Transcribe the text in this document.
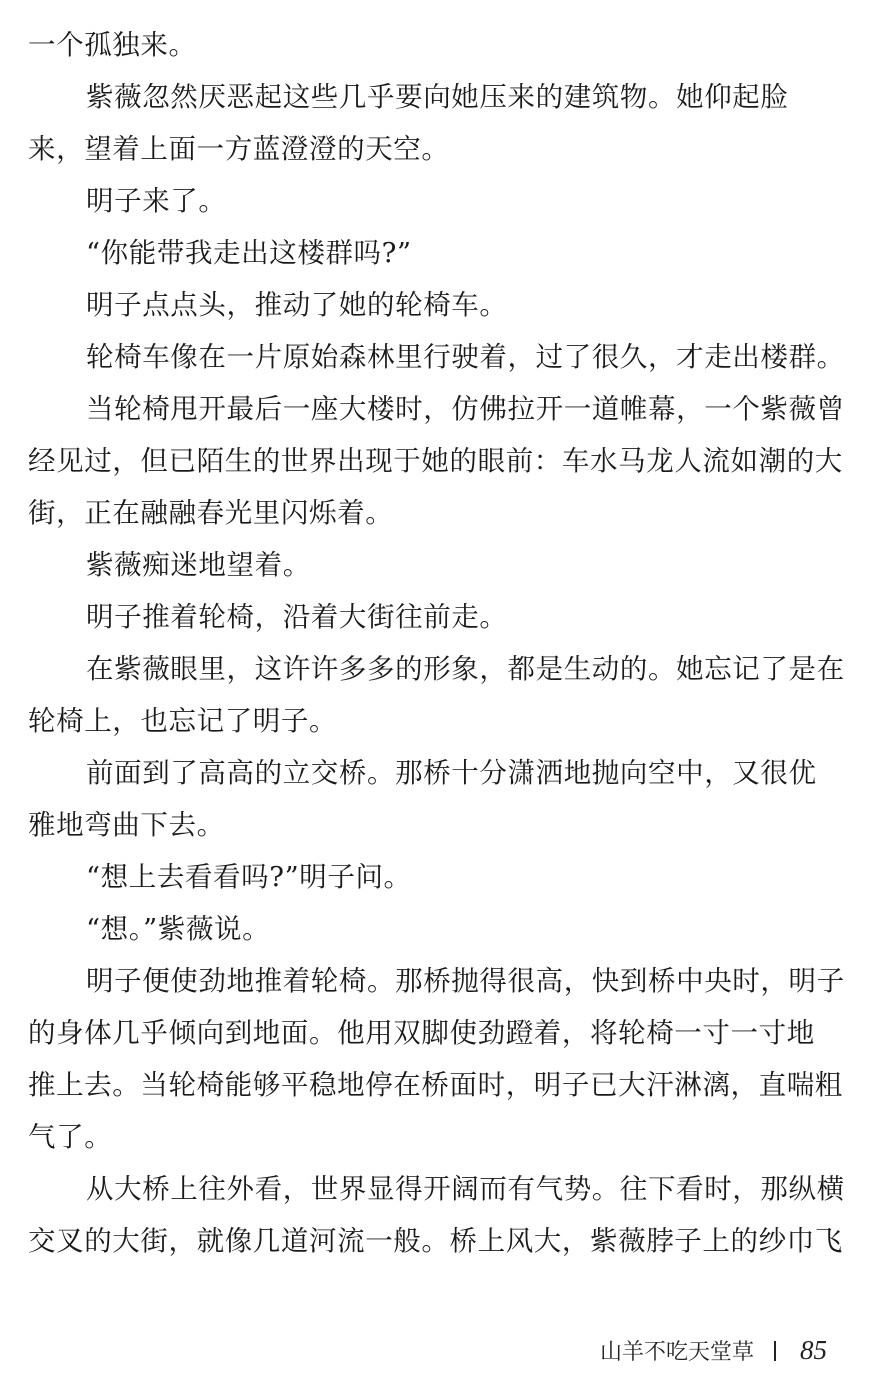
一个孤独来。
紫薇忽然厌恶起这些几乎要向她压来的建筑物。她仰起脸
来，望着上面一方蓝澄澄的天空。
明子来了。
“你能带我走出这楼群吗?”
明子点点头，推动了她的轮椅车。
轮椅车像在一片原始森林里行驶着，过了很久，才走出楼群。
当轮椅甩开最后一座大楼时，仿佛拉开一道帷幕，一个紫薇曾
经见过，但已陌生的世界出现于她的眼前：车水马龙人流如潮的大
街，正在融融春光里闪烁着。
紫薇痴迷地望着。
明子推着轮椅，沿着大街往前走。
在紫薇眼里，这许许多多的形象，都是生动的。她忘记了是在
轮椅上，也忘记了明子。
前面到了高高的立交桥。那桥十分潇洒地抛向空中，又很优
雅地弯曲下去。
“想上去看看吗?”明子问。
“想。”紫薇说。
明子便使劲地推着轮椅。那桥抛得很高，快到桥中央时，明子
的身体几乎倾向到地面。他用双脚使劲蹬着，将轮椅一寸一寸地
推上去。当轮椅能够平稳地停在桥面时，明子已大汗淋漓，直喘粗
气了。
从大桥上往外看，世界显得开阔而有气势。往下看时，那纵横
交叉的大街，就像几道河流一般。桥上风大，紫薇脖子上的纱巾飞
山羊不吃天堂草 85
